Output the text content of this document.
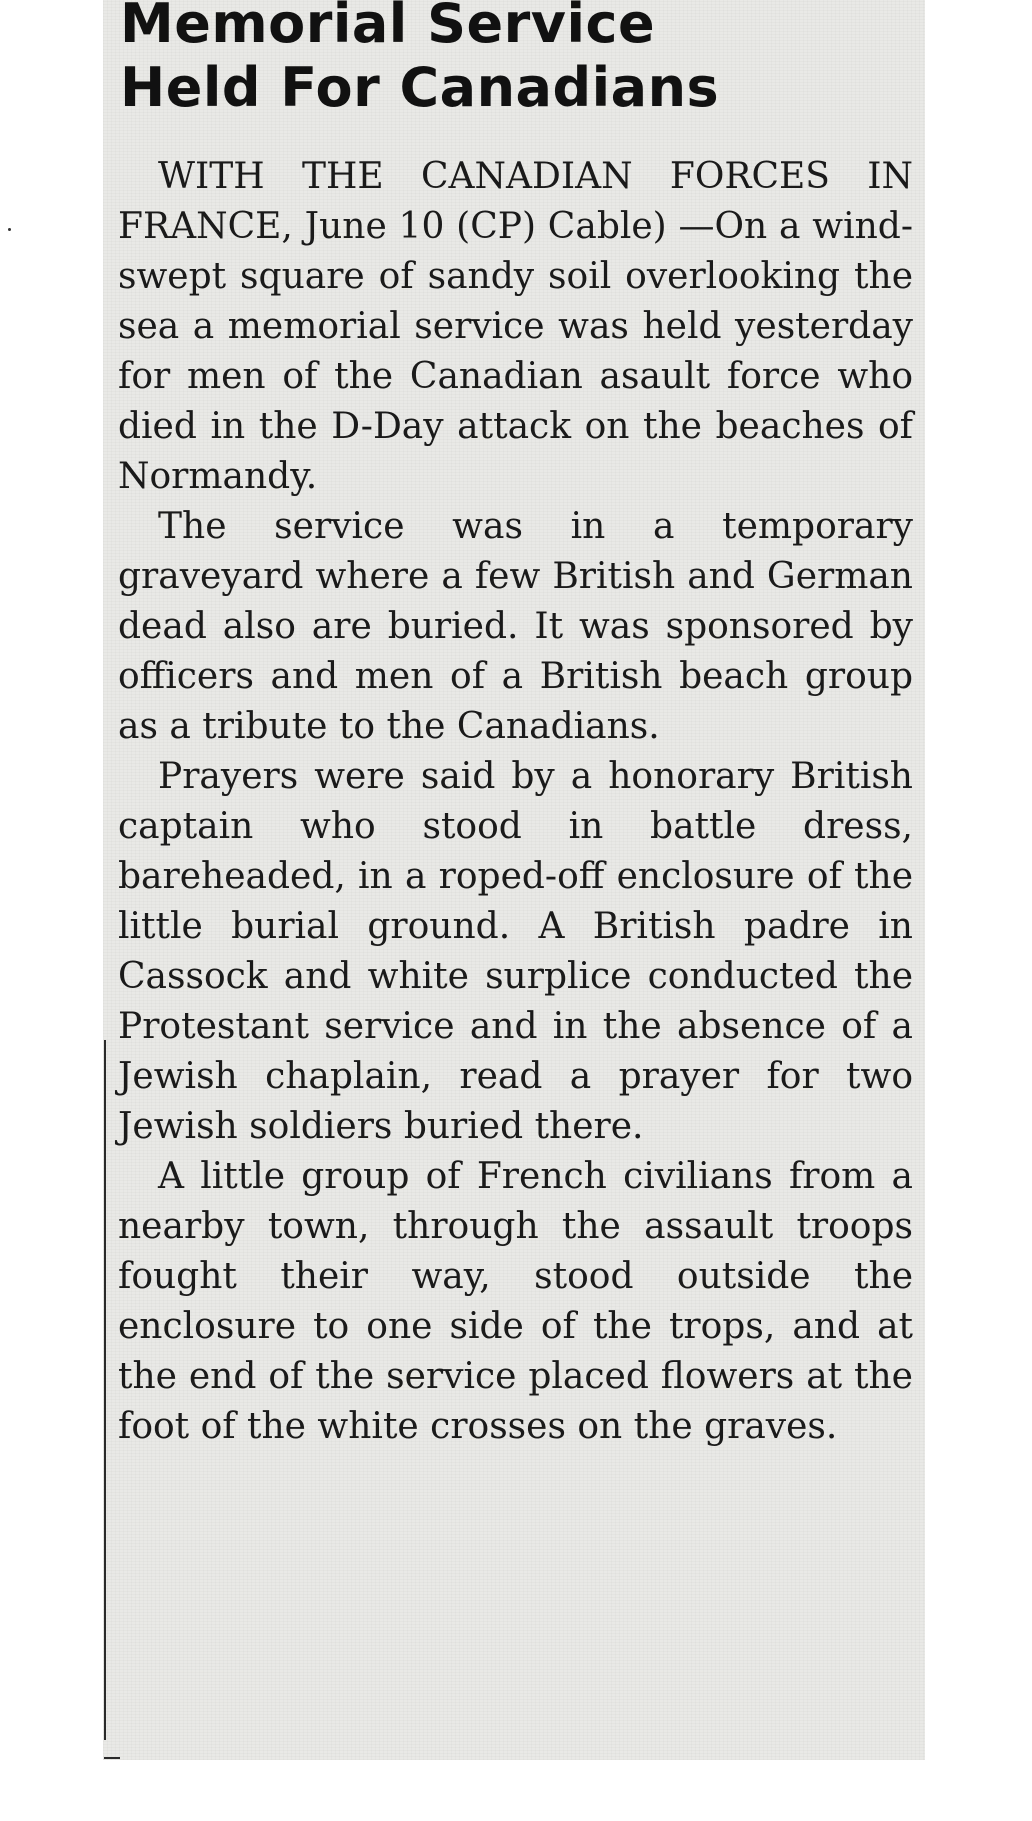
Memorial Service
Held For Canadians

WITH THE CANADIAN FORCES IN FRANCE, June 10 (CP) Cable) —On a wind-swept square of sandy soil overlooking the sea a memorial service was held yesterday for men of the Canadian asault force who died in the D-Day attack on the beaches of Normandy.

The service was in a temporary graveyard where a few British and German dead also are buried. It was sponsored by officers and men of a British beach group as a tribute to the Canadians.

Prayers were said by a honorary British captain who stood in battle dress, bareheaded, in a roped-off enclosure of the little burial ground. A British padre in Cassock and white surplice conducted the Protestant service and in the absence of a Jewish chaplain, read a prayer for two Jewish soldiers buried there.

A little group of French civilians from a nearby town, through the assault troops fought their way, stood outside the enclosure to one side of the trops, and at the end of the service placed flowers at the foot of the white crosses on the graves.
